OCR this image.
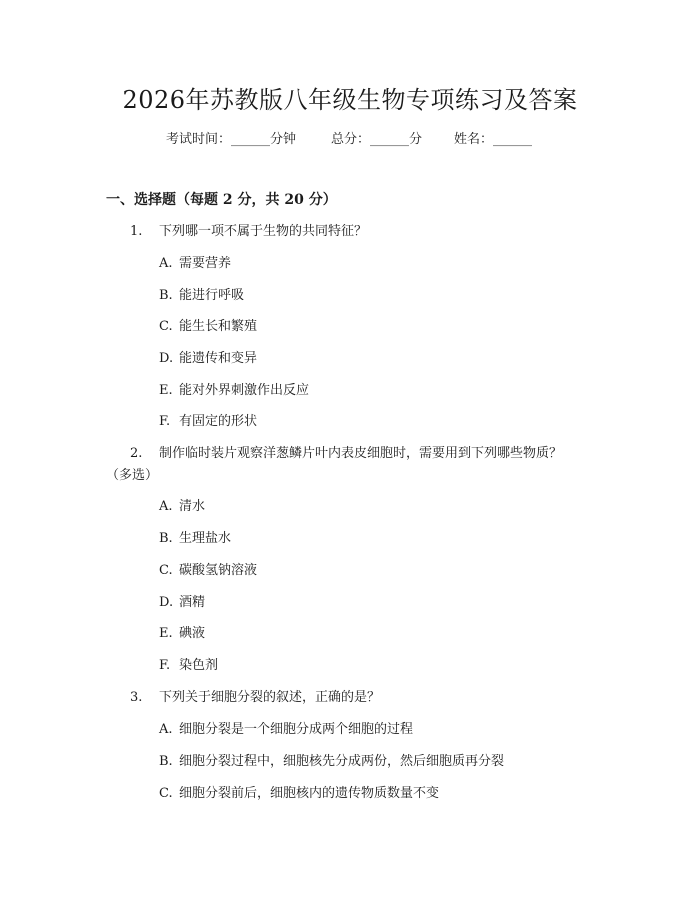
2026年苏教版八年级生物专项练习及答案
考试时间：______分钟	总分：______分 姓名：______
一、选择题（每题 2 分，共 20 分）
1. 下列哪一项不属于生物的共同特征？
A. 需要营养
B. 能进行呼吸
C. 能生长和繁殖
D. 能遗传和变异
E. 能对外界刺激作出反应
F. 有固定的形状
2. 制作临时装片观察洋葱鳞片叶内表皮细胞时，需要用到下列哪些物质？
（多选）
A. 清水
B. 生理盐水
C. 碳酸氢钠溶液
D. 酒精
E. 碘液
F. 染色剂
3. 下列关于细胞分裂的叙述，正确的是？
A. 细胞分裂是一个细胞分成两个细胞的过程
B. 细胞分裂过程中，细胞核先分成两份，然后细胞质再分裂
C. 细胞分裂前后，细胞核内的遗传物质数量不变
